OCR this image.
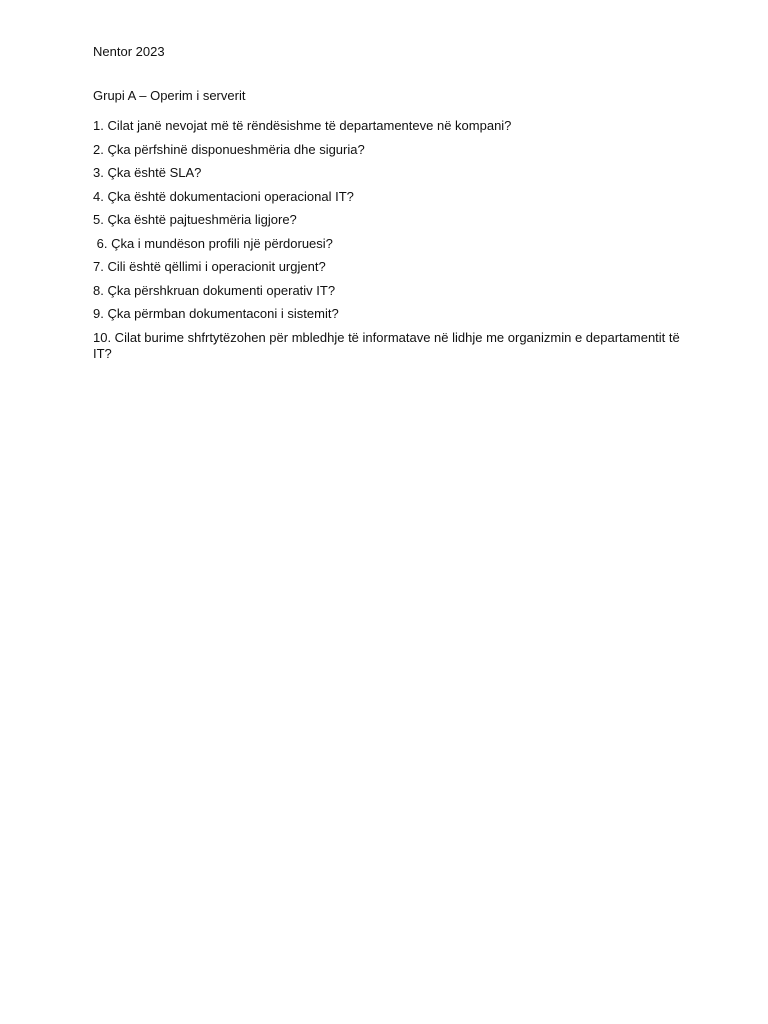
Nentor 2023
Grupi A – Operim i serverit
1. Cilat janë nevojat më të rëndësishme të departamenteve në kompani?
2. Çka përfshinë disponueshmëria dhe siguria?
3. Çka është SLA?
4. Çka është dokumentacioni operacional IT?
5. Çka është pajtueshmëria ligjore?
6. Çka i mundëson profili një përdoruesi?
7. Cili është qëllimi i operacionit urgjent?
8. Çka përshkruan dokumenti operativ IT?
9. Çka përmban dokumentaconi i sistemit?
10. Cilat burime shfrtytëzohen për mbledhje të informatave në lidhje me organizmin e departamentit të IT?
